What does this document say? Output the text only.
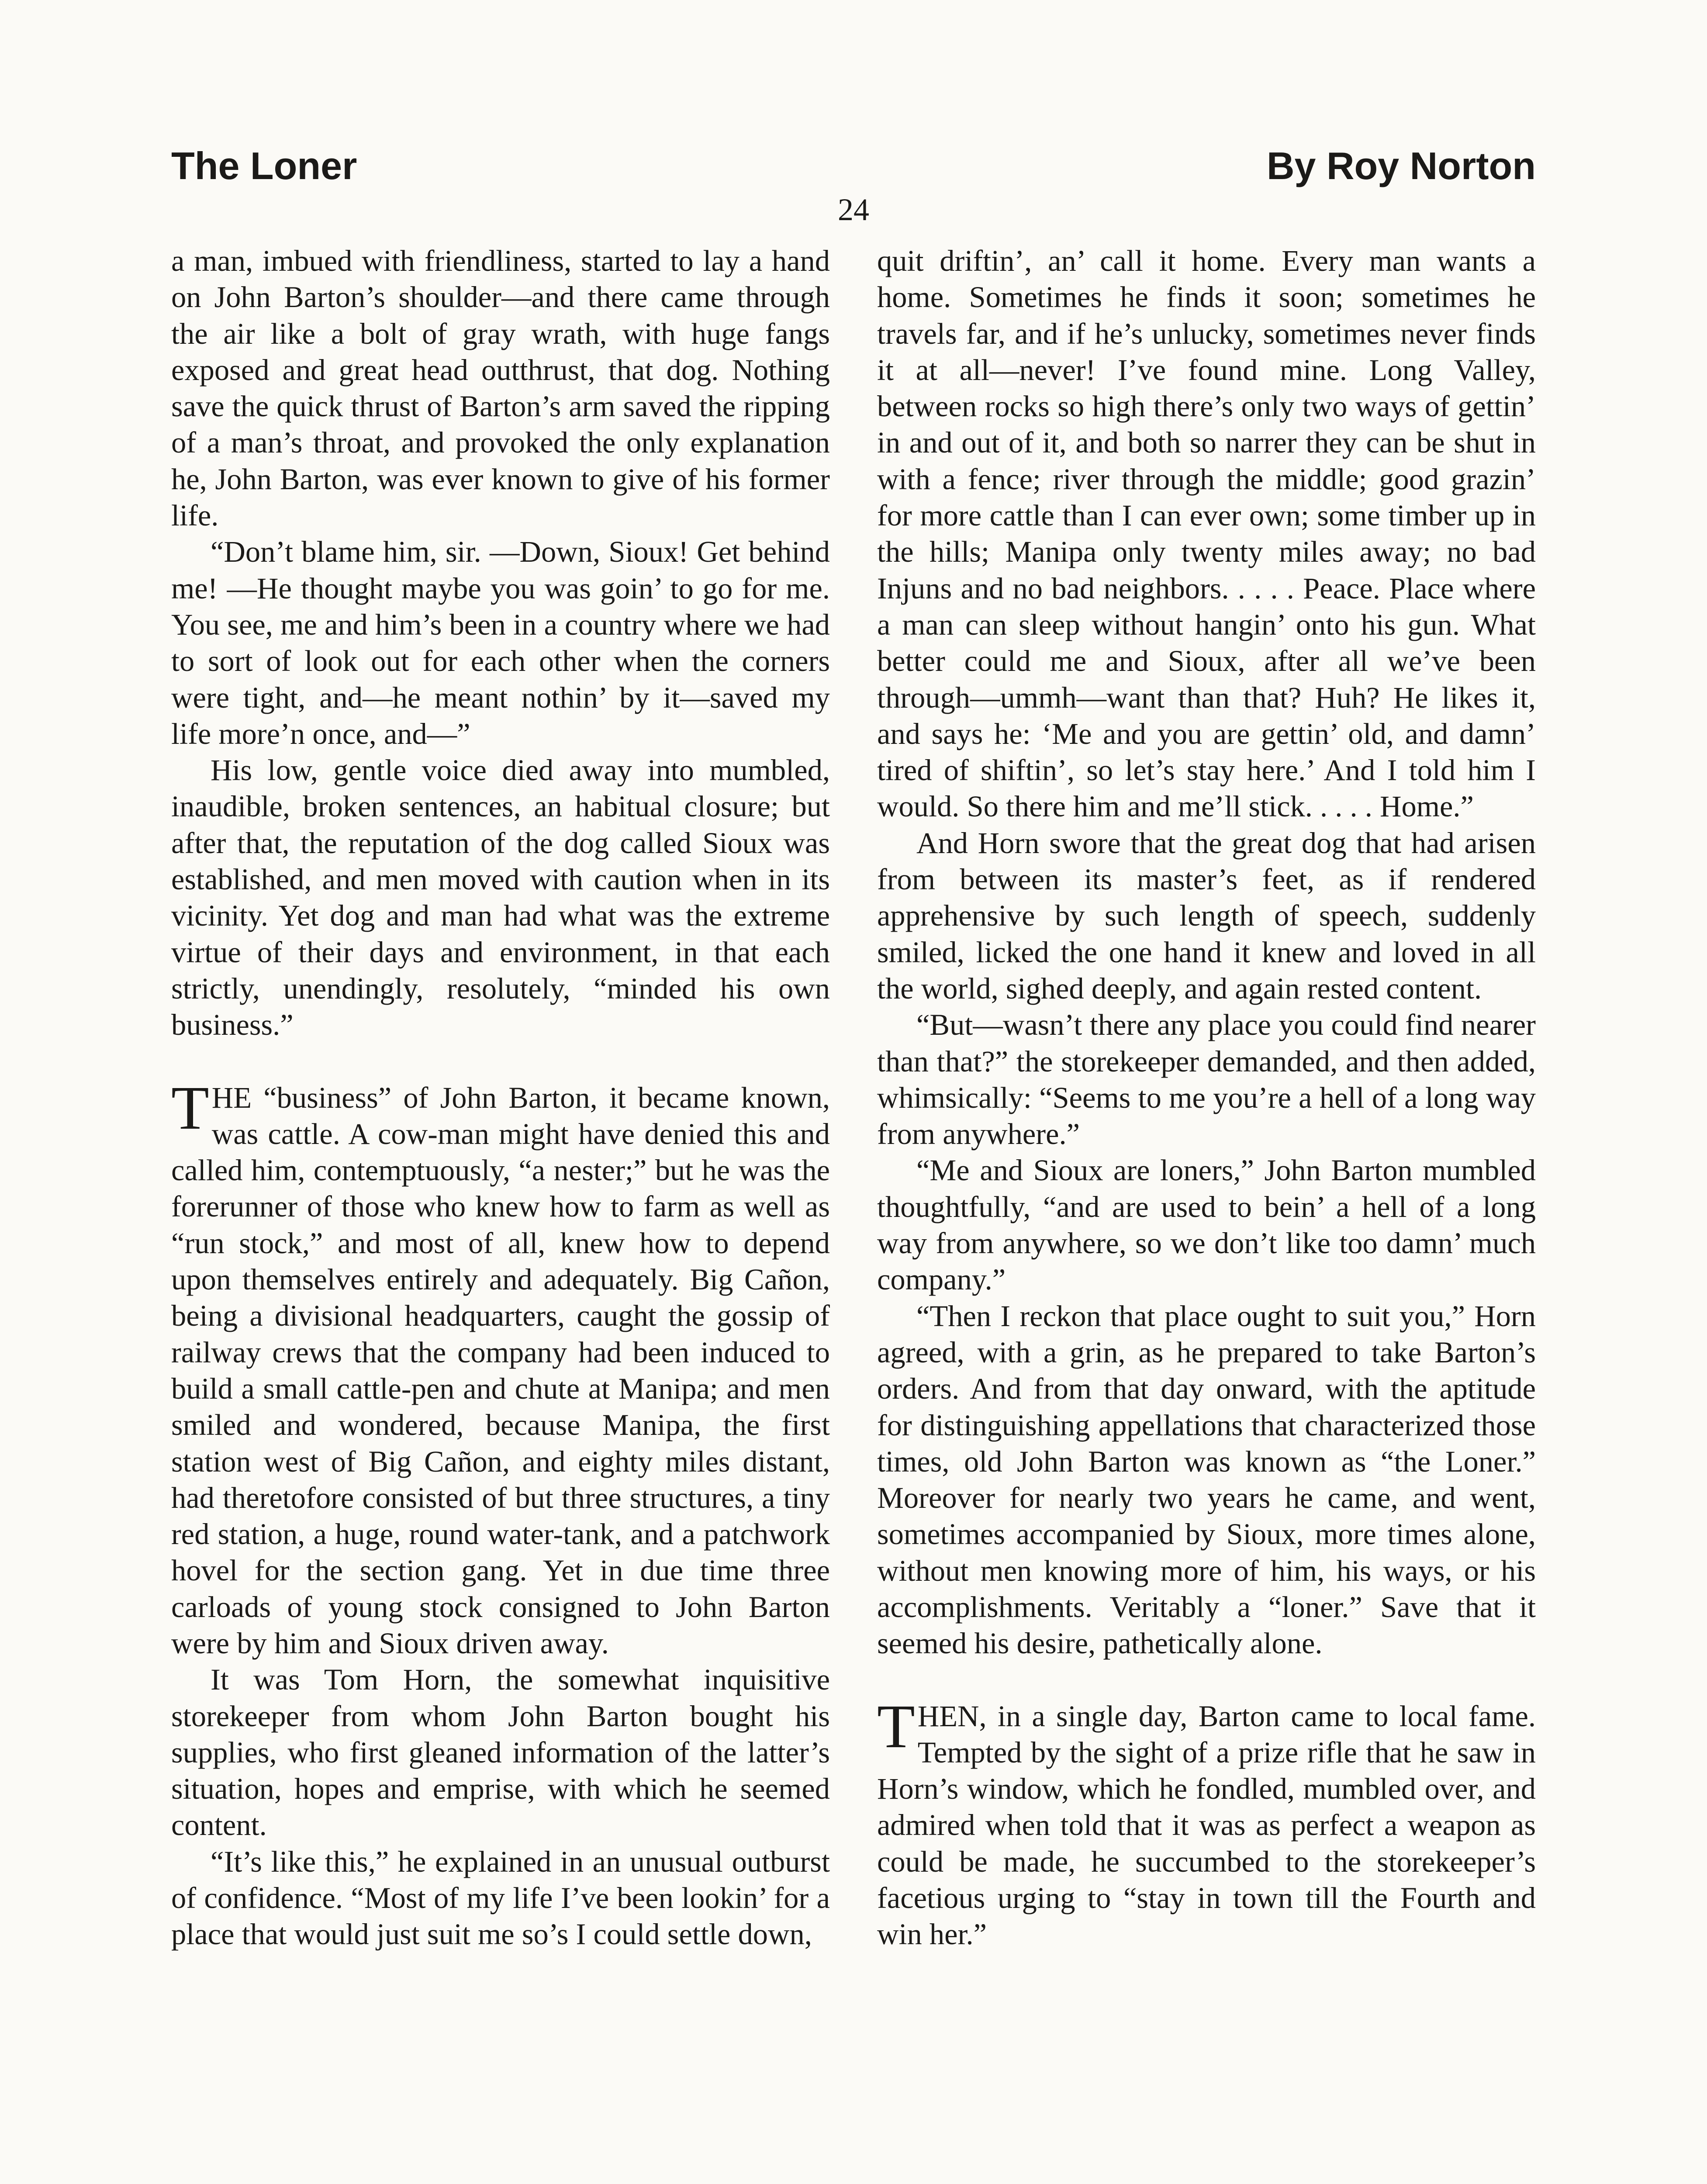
The Loner	By Roy Norton
24

a man, imbued with friendliness, started to lay a hand on John Barton’s shoulder—and there came through the air like a bolt of gray wrath, with huge fangs exposed and great head outthrust, that dog. Nothing save the quick thrust of Barton’s arm saved the ripping of a man’s throat, and provoked the only explanation he, John Barton, was ever known to give of his former life.

“Don’t blame him, sir. —Down, Sioux! Get behind me! —He thought maybe you was goin’ to go for me. You see, me and him’s been in a country where we had to sort of look out for each other when the corners were tight, and—he meant nothin’ by it—saved my life more’n once, and—”

His low, gentle voice died away into mumbled, inaudible, broken sentences, an habitual closure; but after that, the reputation of the dog called Sioux was established, and men moved with caution when in its vicinity. Yet dog and man had what was the extreme virtue of their days and environment, in that each strictly, unendingly, resolutely, “minded his own business.”

THE “business” of John Barton, it became known, was cattle. A cow-man might have denied this and called him, contemptuously, “a nester;” but he was the forerunner of those who knew how to farm as well as “run stock,” and most of all, knew how to depend upon themselves entirely and adequately. Big Cañon, being a divisional headquarters, caught the gossip of railway crews that the company had been induced to build a small cattle-pen and chute at Manipa; and men smiled and wondered, because Manipa, the first station west of Big Cañon, and eighty miles distant, had theretofore consisted of but three structures, a tiny red station, a huge, round water-tank, and a patchwork hovel for the section gang. Yet in due time three carloads of young stock consigned to John Barton were by him and Sioux driven away.

It was Tom Horn, the somewhat inquisitive storekeeper from whom John Barton bought his supplies, who first gleaned information of the latter’s situation, hopes and emprise, with which he seemed content.

“It’s like this,” he explained in an unusual outburst of confidence. “Most of my life I’ve been lookin’ for a place that would just suit me so’s I could settle down,

quit driftin’, an’ call it home. Every man wants a home. Sometimes he finds it soon; sometimes he travels far, and if he’s unlucky, sometimes never finds it at all—never! I’ve found mine. Long Valley, between rocks so high there’s only two ways of gettin’ in and out of it, and both so narrer they can be shut in with a fence; river through the middle; good grazin’ for more cattle than I can ever own; some timber up in the hills; Manipa only twenty miles away; no bad Injuns and no bad neighbors. . . . . Peace. Place where a man can sleep without hangin’ onto his gun. What better could me and Sioux, after all we’ve been through—ummh—want than that? Huh? He likes it, and says he: ‘Me and you are gettin’ old, and damn’ tired of shiftin’, so let’s stay here.’ And I told him I would. So there him and me’ll stick. . . . . Home.”

And Horn swore that the great dog that had arisen from between its master’s feet, as if rendered apprehensive by such length of speech, suddenly smiled, licked the one hand it knew and loved in all the world, sighed deeply, and again rested content.

“But—wasn’t there any place you could find nearer than that?” the storekeeper demanded, and then added, whimsically: “Seems to me you’re a hell of a long way from anywhere.”

“Me and Sioux are loners,” John Barton mumbled thoughtfully, “and are used to bein’ a hell of a long way from anywhere, so we don’t like too damn’ much company.”

“Then I reckon that place ought to suit you,” Horn agreed, with a grin, as he prepared to take Barton’s orders. And from that day onward, with the aptitude for distinguishing appellations that characterized those times, old John Barton was known as “the Loner.” Moreover for nearly two years he came, and went, sometimes accompanied by Sioux, more times alone, without men knowing more of him, his ways, or his accomplishments. Veritably a “loner.” Save that it seemed his desire, pathetically alone.

THEN, in a single day, Barton came to local fame. Tempted by the sight of a prize rifle that he saw in Horn’s window, which he fondled, mumbled over, and admired when told that it was as perfect a weapon as could be made, he succumbed to the storekeeper’s facetious urging to “stay in town till the Fourth and win her.”
